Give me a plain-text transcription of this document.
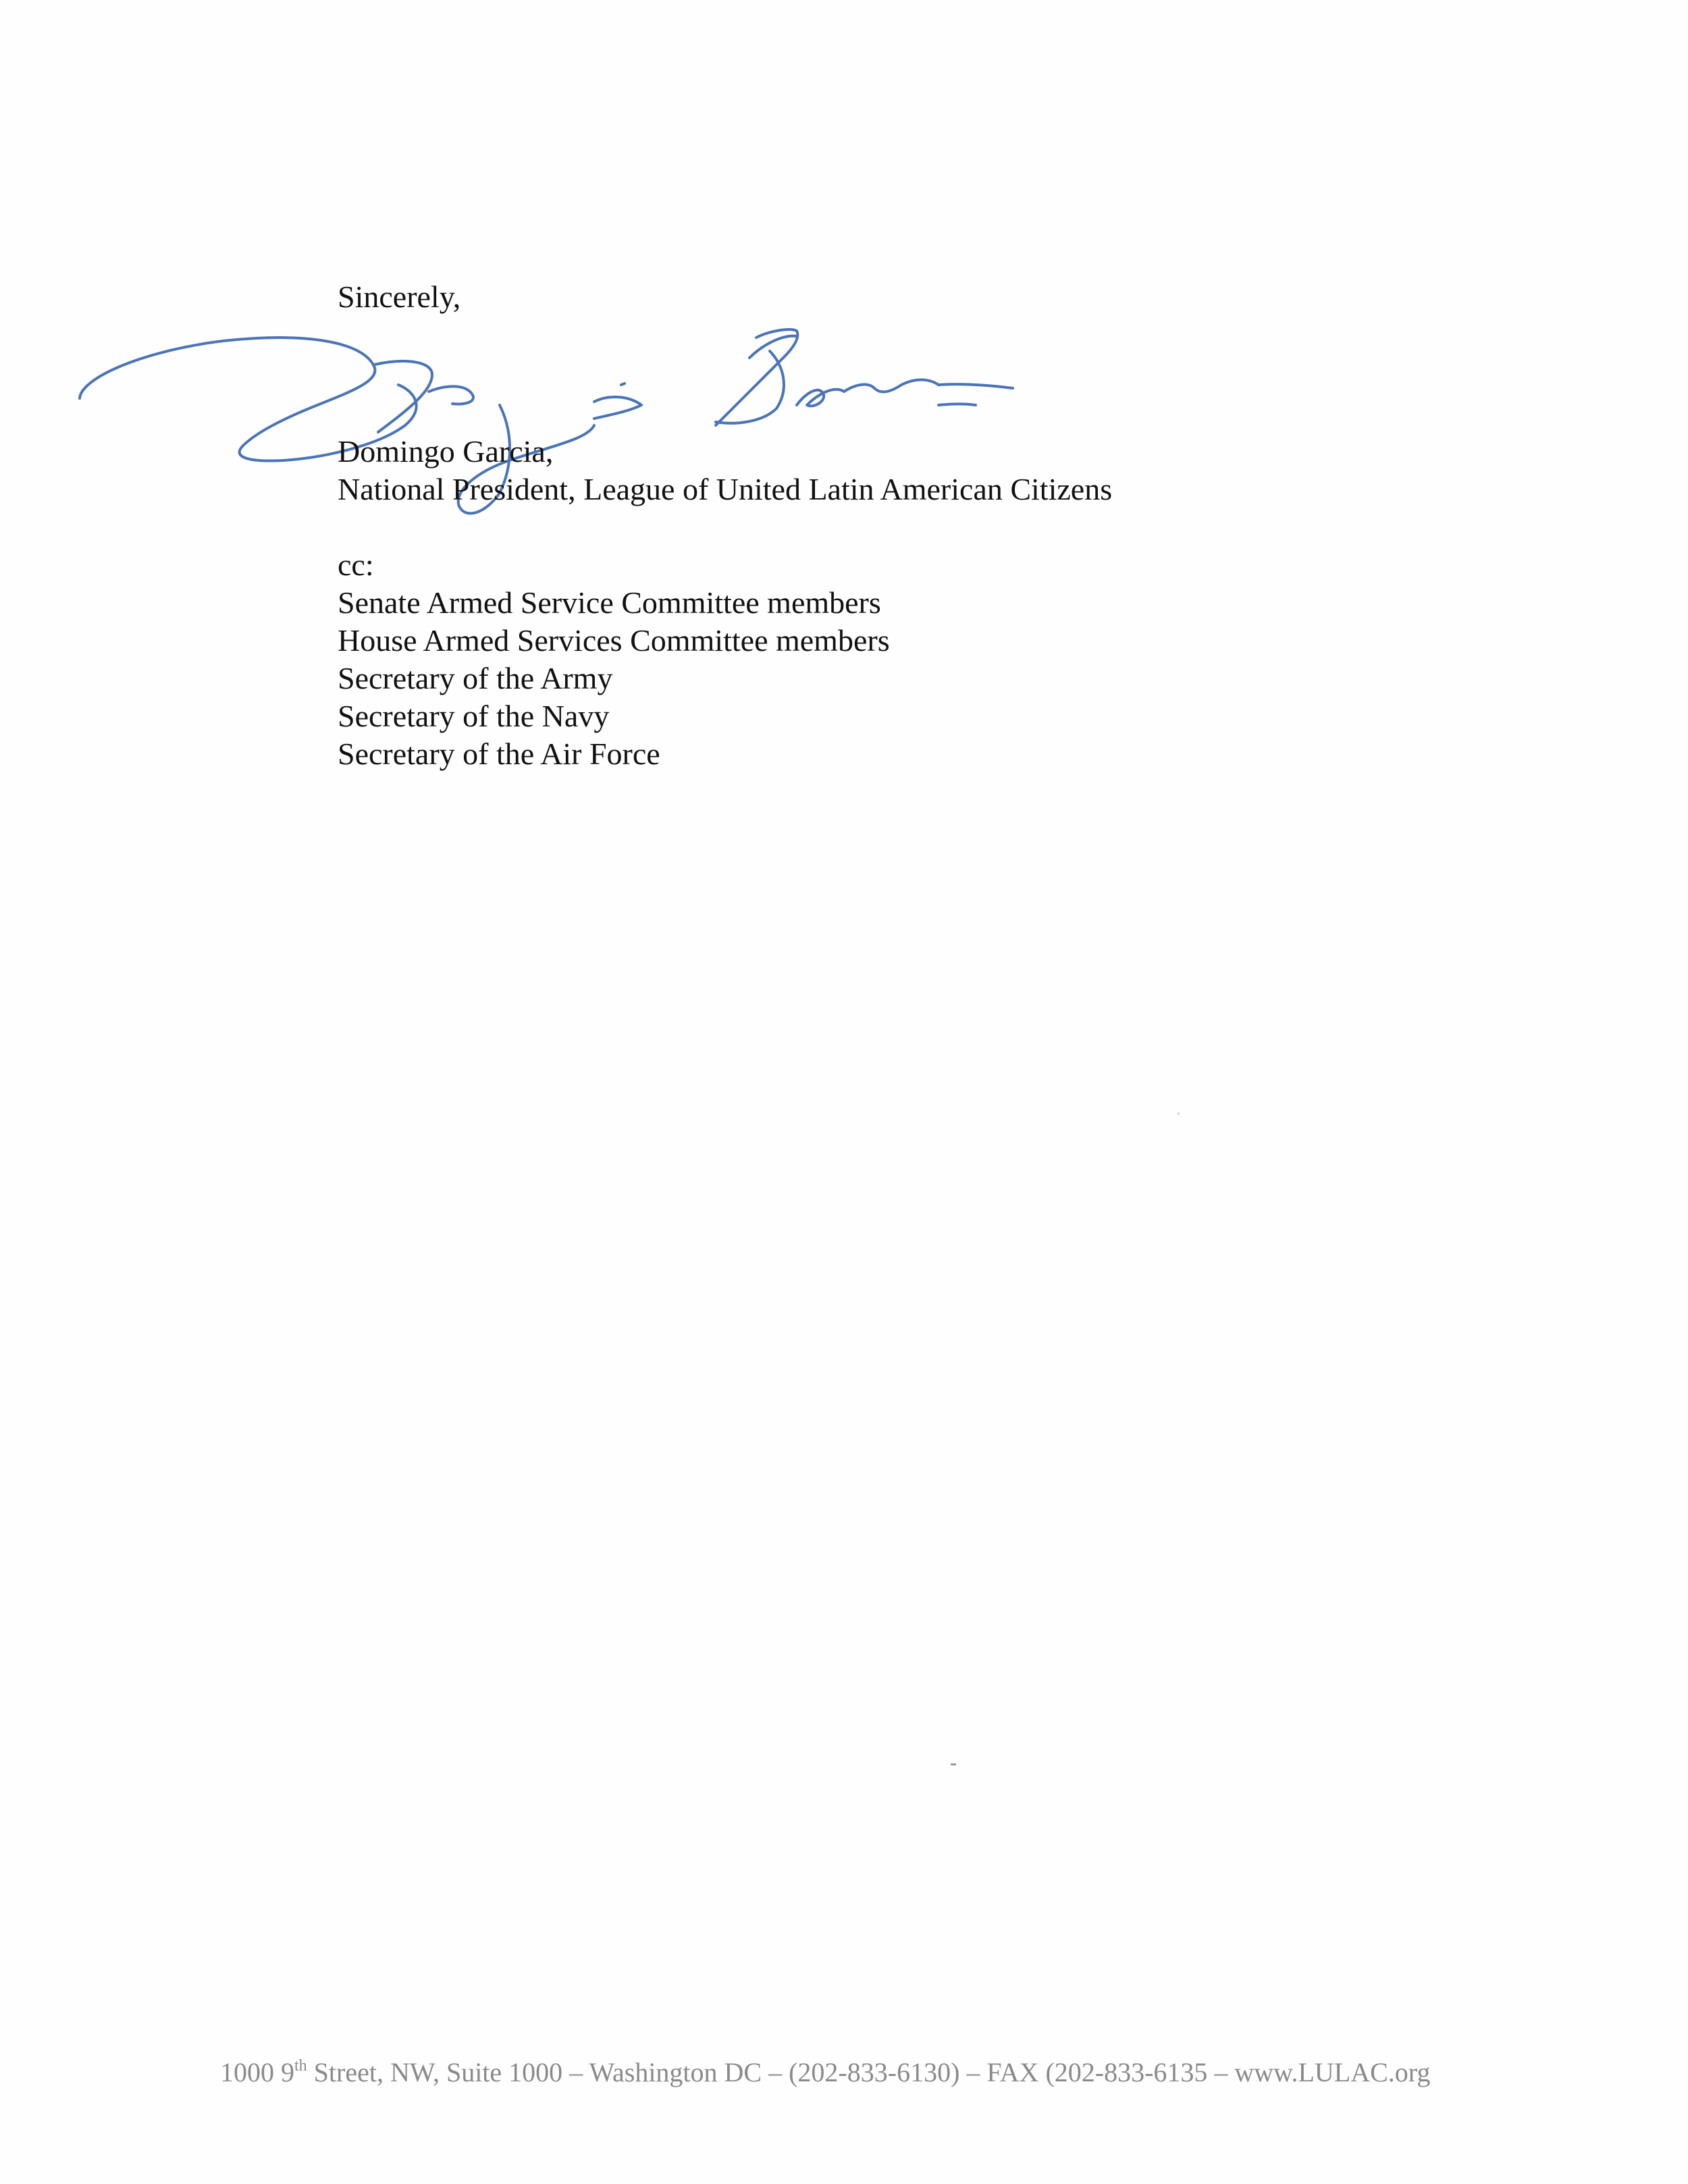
Sincerely,

Domingo Garcia,
National President, League of United Latin American Citizens
cc:
Senate Armed Service Committee members
House Armed Services Committee members
Secretary of the Army
Secretary of the Navy
Secretary of the Air Force
1000 9th Street, NW, Suite 1000 – Washington DC – (202-833-6130) – FAX (202-833-6135 – www.LULAC.org
